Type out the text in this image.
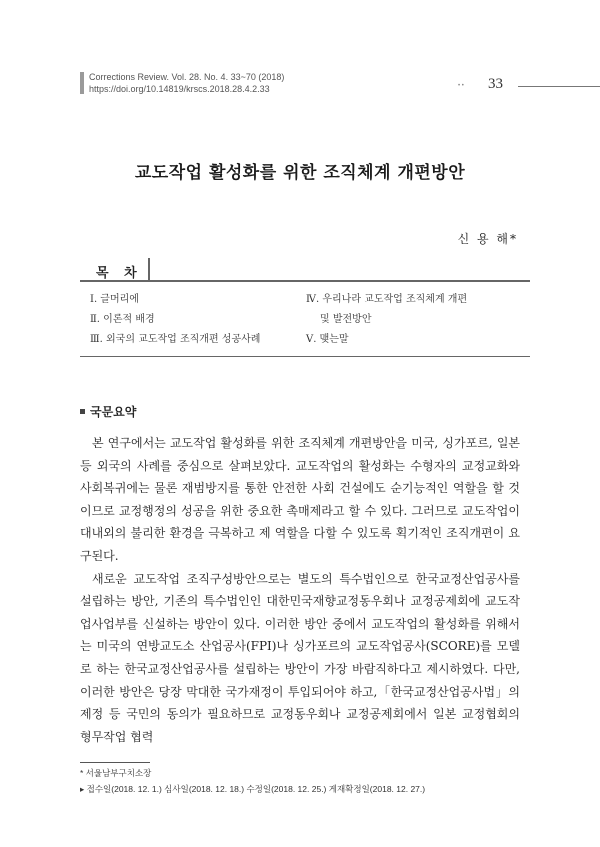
Corrections Review. Vol. 28. No. 4. 33~70 (2018)
https://doi.org/10.14819/krscs.2018.28.4.2.33	• • 33
교도작업 활성화를 위한 조직체계 개편방안
신 용 해*
목 차
Ⅰ. 글머리에
Ⅱ. 이론적 배경
Ⅲ. 외국의 교도작업 조직개편 성공사례
Ⅳ. 우리나라 교도작업 조직체계 개편
및 발전방안
Ⅴ. 맺는말
국문요약

본 연구에서는 교도작업 활성화를 위한 조직체계 개편방안을 미국, 싱가포르, 일본 등 외국의 사례를 중심으로 살펴보았다. 교도작업의 활성화는 수형자의 교정교화와 사회복귀에는 물론 재범방지를 통한 안전한 사회 건설에도 순기능적인 역할을 할 것이므로 교정행정의 성공을 위한 중요한 촉매제라고 할 수 있다. 그러므로 교도작업이 대내외의 불리한 환경을 극복하고 제 역할을 다할 수 있도록 획기적인 조직개편이 요구된다.

새로운 교도작업 조직구성방안으로는 별도의 특수법인으로 한국교정산업공사를 설립하는 방안, 기존의 특수법인인 대한민국재향교정동우회나 교정공제회에 교도작업사업부를 신설하는 방안이 있다. 이러한 방안 중에서 교도작업의 활성화를 위해서는 미국의 연방교도소 산업공사(FPI)나 싱가포르의 교도작업공사(SCORE)를 모델로 하는 한국교정산업공사를 설립하는 방안이 가장 바람직하다고 제시하였다. 다만, 이러한 방안은 당장 막대한 국가재정이 투입되어야 하고,「한국교정산업공사법」의 제정 등 국민의 동의가 필요하므로 교정동우회나 교정공제회에서 일본 교정협회의 형무작업 협력

* 서울남부구치소장
▸ 접수일(2018. 12. 1.) 심사일(2018. 12. 18.) 수정일(2018. 12. 25.) 게재확정일(2018. 12. 27.)
